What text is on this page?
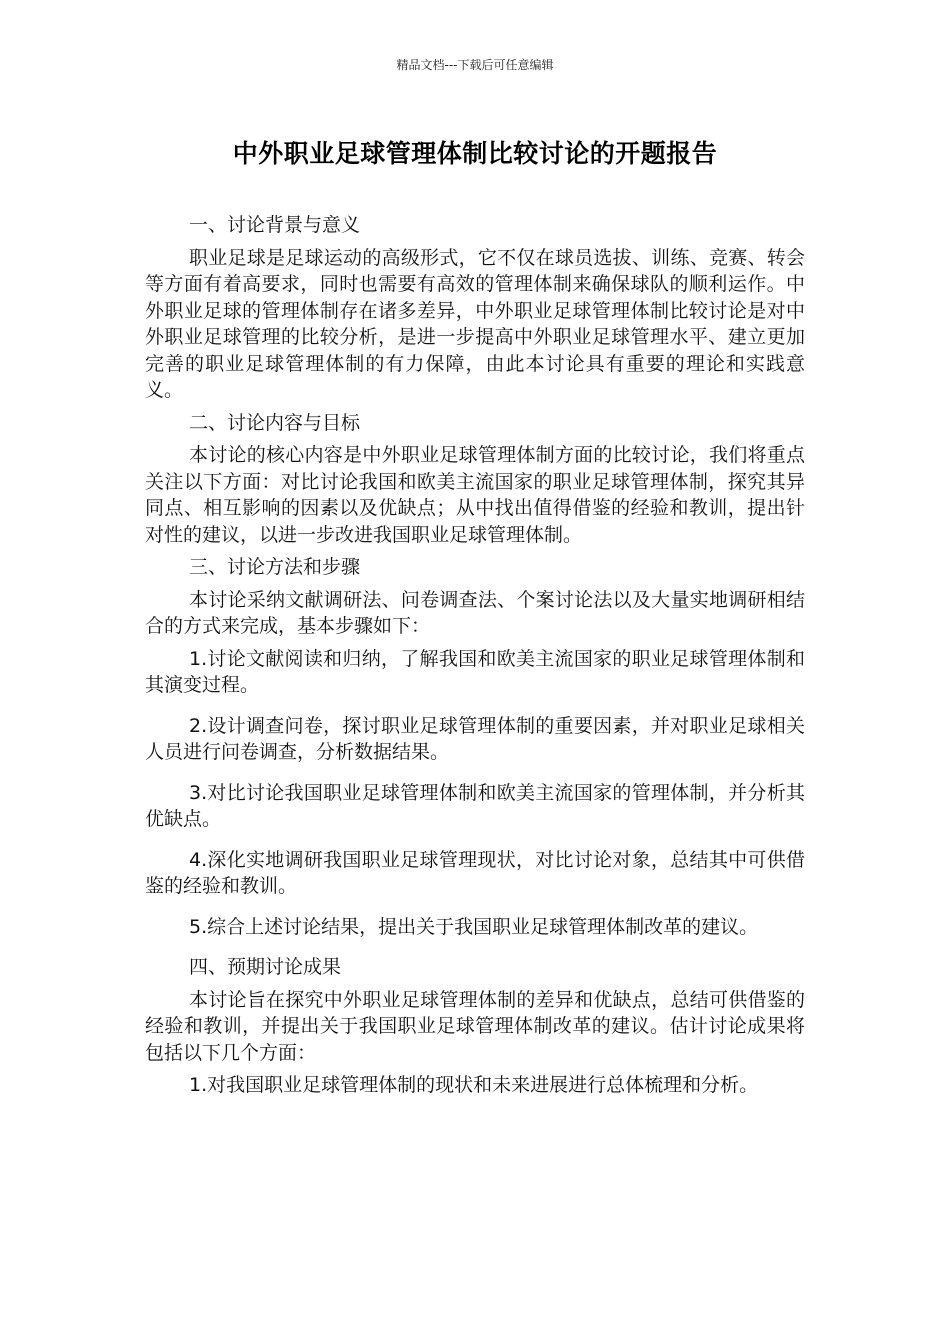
精品文档---下载后可任意编辑
中外职业足球管理体制比较讨论的开题报告

一、讨论背景与意义

职业足球是足球运动的高级形式，它不仅在球员选拔、训练、竞赛、转会等方面有着高要求，同时也需要有高效的管理体制来确保球队的顺利运作。中外职业足球的管理体制存在诸多差异，中外职业足球管理体制比较讨论是对中外职业足球管理的比较分析，是进一步提高中外职业足球管理水平、建立更加完善的职业足球管理体制的有力保障，由此本讨论具有重要的理论和实践意义。

二、讨论内容与目标

本讨论的核心内容是中外职业足球管理体制方面的比较讨论，我们将重点关注以下方面：对比讨论我国和欧美主流国家的职业足球管理体制，探究其异同点、相互影响的因素以及优缺点；从中找出值得借鉴的经验和教训，提出针对性的建议，以进一步改进我国职业足球管理体制。

三、讨论方法和步骤

本讨论采纳文献调研法、问卷调查法、个案讨论法以及大量实地调研相结合的方式来完成，基本步骤如下：

1.讨论文献阅读和归纳，了解我国和欧美主流国家的职业足球管理体制和其演变过程。

2.设计调查问卷，探讨职业足球管理体制的重要因素，并对职业足球相关人员进行问卷调查，分析数据结果。

3.对比讨论我国职业足球管理体制和欧美主流国家的管理体制，并分析其优缺点。

4.深化实地调研我国职业足球管理现状，对比讨论对象，总结其中可供借鉴的经验和教训。

5.综合上述讨论结果，提出关于我国职业足球管理体制改革的建议。

四、预期讨论成果

本讨论旨在探究中外职业足球管理体制的差异和优缺点，总结可供借鉴的经验和教训，并提出关于我国职业足球管理体制改革的建议。估计讨论成果将包括以下几个方面：

1.对我国职业足球管理体制的现状和未来进展进行总体梳理和分析。
